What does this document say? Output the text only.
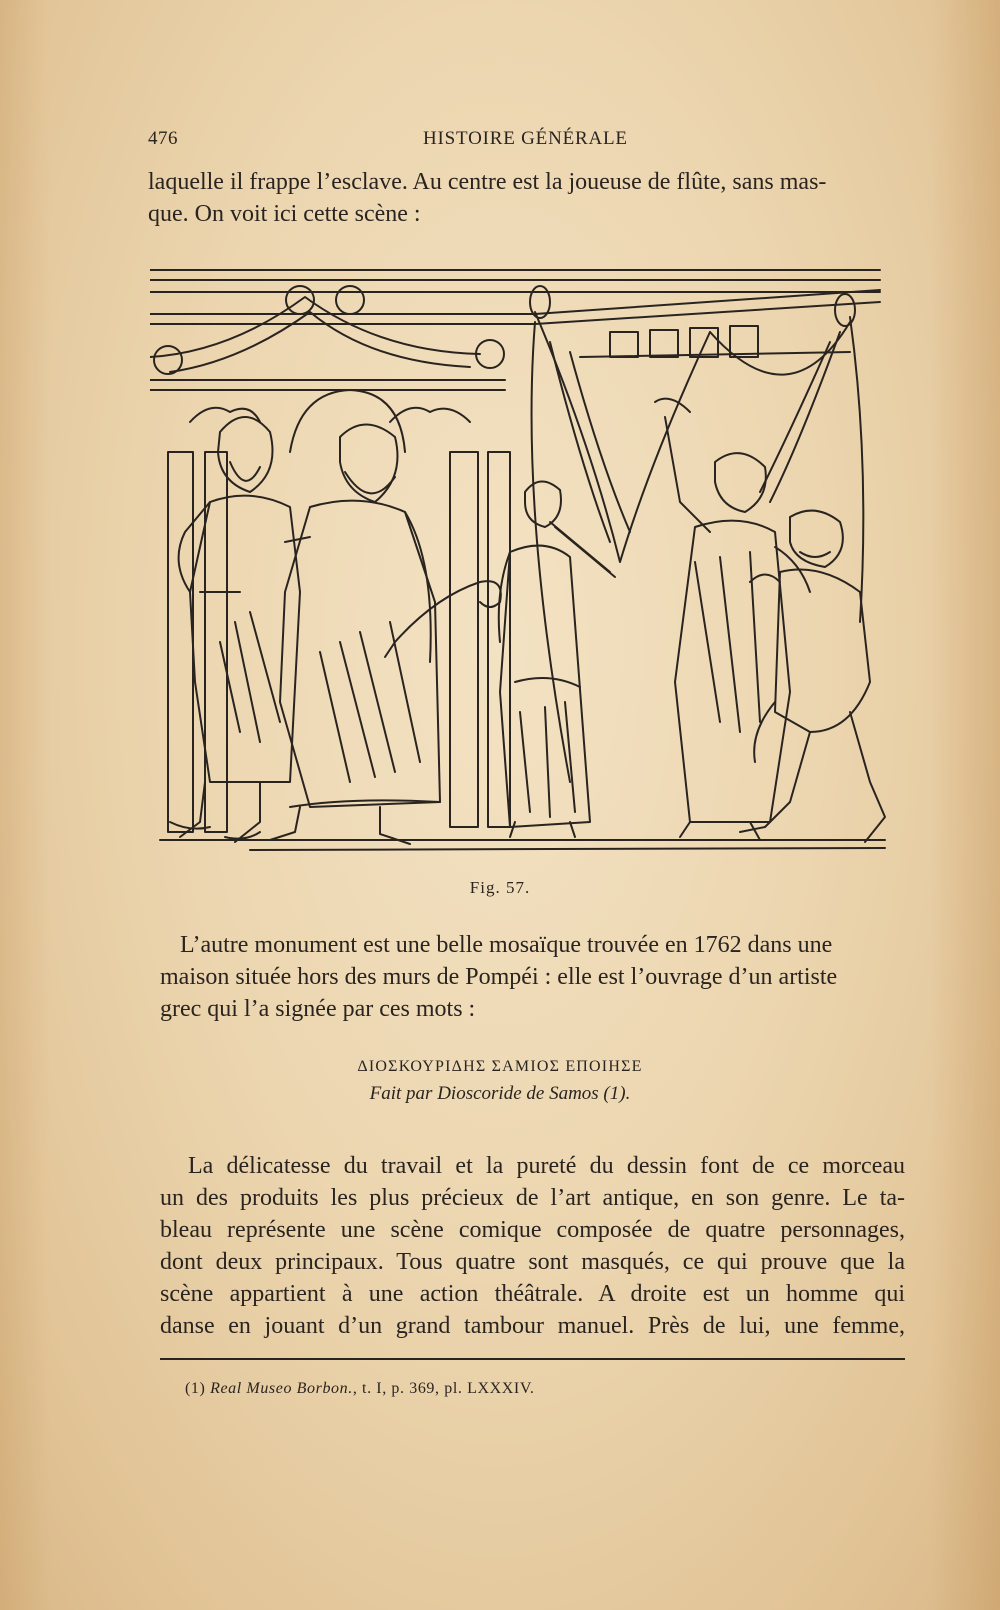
476	HISTOIRE GÉNÉRALE
laquelle il frappe l’esclave. Au centre est la joueuse de flûte, sans mas-
que. On voit ici cette scène :
Fig. 57.
L’autre monument est une belle mosaïque trouvée en 1762 dans une
maison située hors des murs de Pompéi : elle est l’ouvrage d’un artiste
grec qui l’a signée par ces mots :
ΔΙΟΣΚΟΥΡΙΔΗΣ ΣΑΜΙΟΣ ΕΠΟΙΗΣΕ
Fait par Dioscoride de Samos (1).
La délicatesse du travail et la pureté du dessin font de ce morceau
un des produits les plus précieux de l’art antique, en son genre. Le ta-
bleau représente une scène comique composée de quatre personnages,
dont deux principaux. Tous quatre sont masqués, ce qui prouve que la
scène appartient à une action théâtrale. A droite est un homme qui
danse en jouant d’un grand tambour manuel. Près de lui, une femme,
(1) Real Museo Borbon., t. I, p. 369, pl. LXXXIV.
